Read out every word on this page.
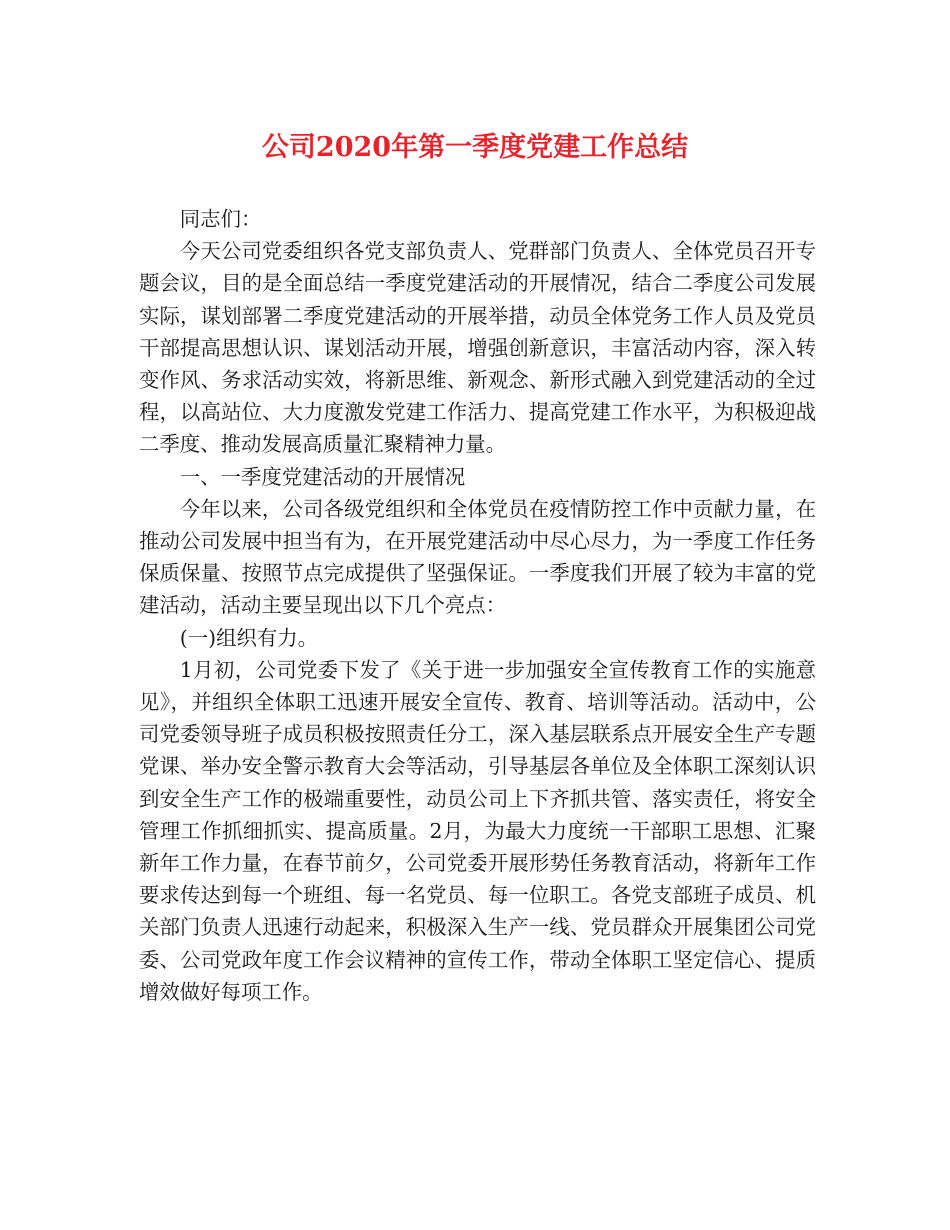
公司2020年第一季度党建工作总结

同志们：

今天公司党委组织各党支部负责人、党群部门负责人、全体党员召开专题会议，目的是全面总结一季度党建活动的开展情况，结合二季度公司发展实际，谋划部署二季度党建活动的开展举措，动员全体党务工作人员及党员干部提高思想认识、谋划活动开展，增强创新意识，丰富活动内容，深入转变作风、务求活动实效，将新思维、新观念、新形式融入到党建活动的全过程，以高站位、大力度激发党建工作活力、提高党建工作水平，为积极迎战二季度、推动发展高质量汇聚精神力量。

一、一季度党建活动的开展情况

今年以来，公司各级党组织和全体党员在疫情防控工作中贡献力量，在推动公司发展中担当有为，在开展党建活动中尽心尽力，为一季度工作任务保质保量、按照节点完成提供了坚强保证。一季度我们开展了较为丰富的党建活动，活动主要呈现出以下几个亮点：

(一)组织有力。

1月初，公司党委下发了《关于进一步加强安全宣传教育工作的实施意见》，并组织全体职工迅速开展安全宣传、教育、培训等活动。活动中，公司党委领导班子成员积极按照责任分工，深入基层联系点开展安全生产专题党课、举办安全警示教育大会等活动，引导基层各单位及全体职工深刻认识到安全生产工作的极端重要性，动员公司上下齐抓共管、落实责任，将安全管理工作抓细抓实、提高质量。2月，为最大力度统一干部职工思想、汇聚新年工作力量，在春节前夕，公司党委开展形势任务教育活动，将新年工作要求传达到每一个班组、每一名党员、每一位职工。各党支部班子成员、机关部门负责人迅速行动起来，积极深入生产一线、党员群众开展集团公司党委、公司党政年度工作会议精神的宣传工作，带动全体职工坚定信心、提质增效做好每项工作。
